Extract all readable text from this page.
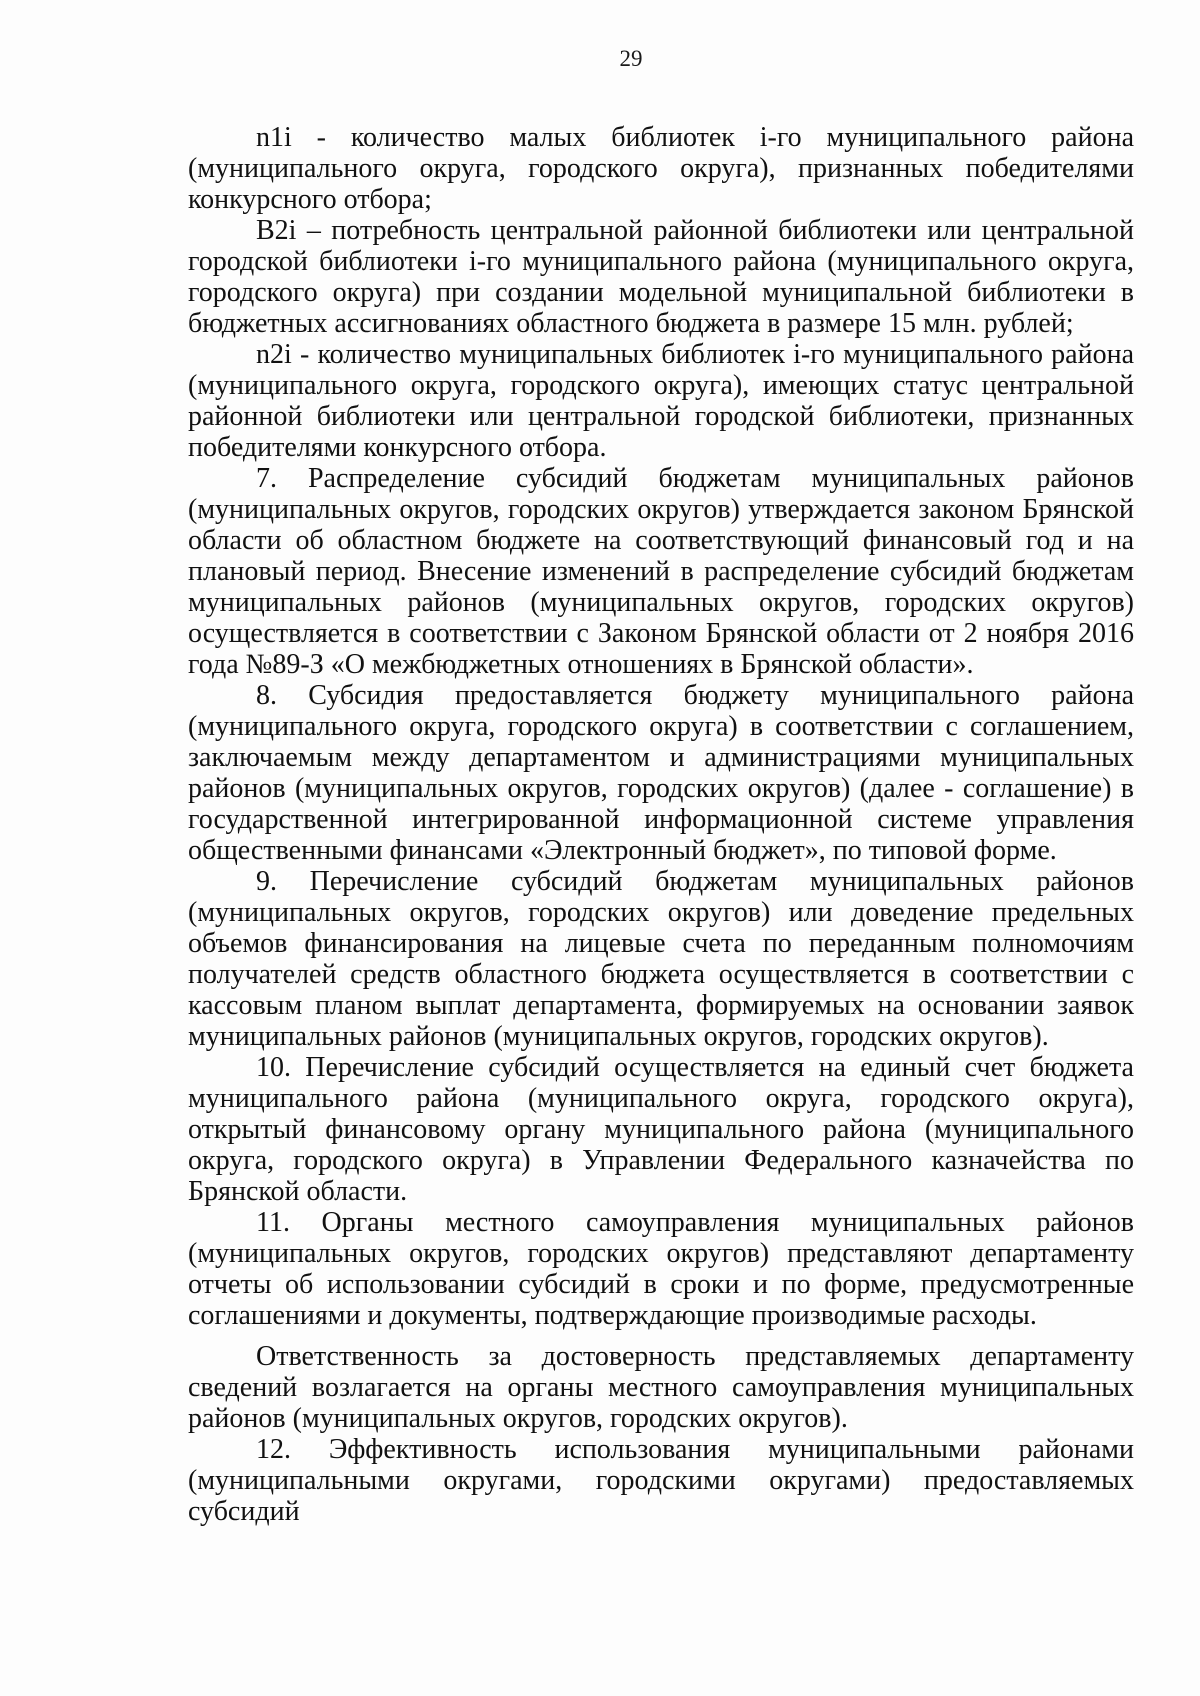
29

n1i - количество малых библиотек i-го муниципального района (муниципального округа, городского округа), признанных победителями конкурсного отбора;

B2i – потребность центральной районной библиотеки или центральной городской библиотеки i-го муниципального района (муниципального округа, городского округа) при создании модельной муниципальной библиотеки в бюджетных ассигнованиях областного бюджета в размере 15 млн. рублей;

n2i - количество муниципальных библиотек i-го муниципального района (муниципального округа, городского округа), имеющих статус центральной районной библиотеки или центральной городской библиотеки, признанных победителями конкурсного отбора.

7. Распределение субсидий бюджетам муниципальных районов (муниципальных округов, городских округов) утверждается законом Брянской области об областном бюджете на соответствующий финансовый год и на плановый период. Внесение изменений в распределение субсидий бюджетам муниципальных районов (муниципальных округов, городских округов) осуществляется в соответствии с Законом Брянской области от 2 ноября 2016 года №89-З «О межбюджетных отношениях в Брянской области».

8. Субсидия предоставляется бюджету муниципального района (муниципального округа, городского округа) в соответствии с соглашением, заключаемым между департаментом и администрациями муниципальных районов (муниципальных округов, городских округов) (далее - соглашение) в государственной интегрированной информационной системе управления общественными финансами «Электронный бюджет», по типовой форме.

9. Перечисление субсидий бюджетам муниципальных районов (муниципальных округов, городских округов) или доведение предельных объемов финансирования на лицевые счета по переданным полномочиям получателей средств областного бюджета осуществляется в соответствии с кассовым планом выплат департамента, формируемых на основании заявок муниципальных районов (муниципальных округов, городских округов).

10. Перечисление субсидий осуществляется на единый счет бюджета муниципального района (муниципального округа, городского округа), открытый финансовому органу муниципального района (муниципального округа, городского округа) в Управлении Федерального казначейства по Брянской области.

11. Органы местного самоуправления муниципальных районов (муниципальных округов, городских округов) представляют департаменту отчеты об использовании субсидий в сроки и по форме, предусмотренные соглашениями и документы, подтверждающие производимые расходы.

Ответственность за достоверность представляемых департаменту сведений возлагается на органы местного самоуправления муниципальных районов (муниципальных округов, городских округов).

12. Эффективность использования муниципальными районами (муниципальными округами, городскими округами) предоставляемых субсидий
